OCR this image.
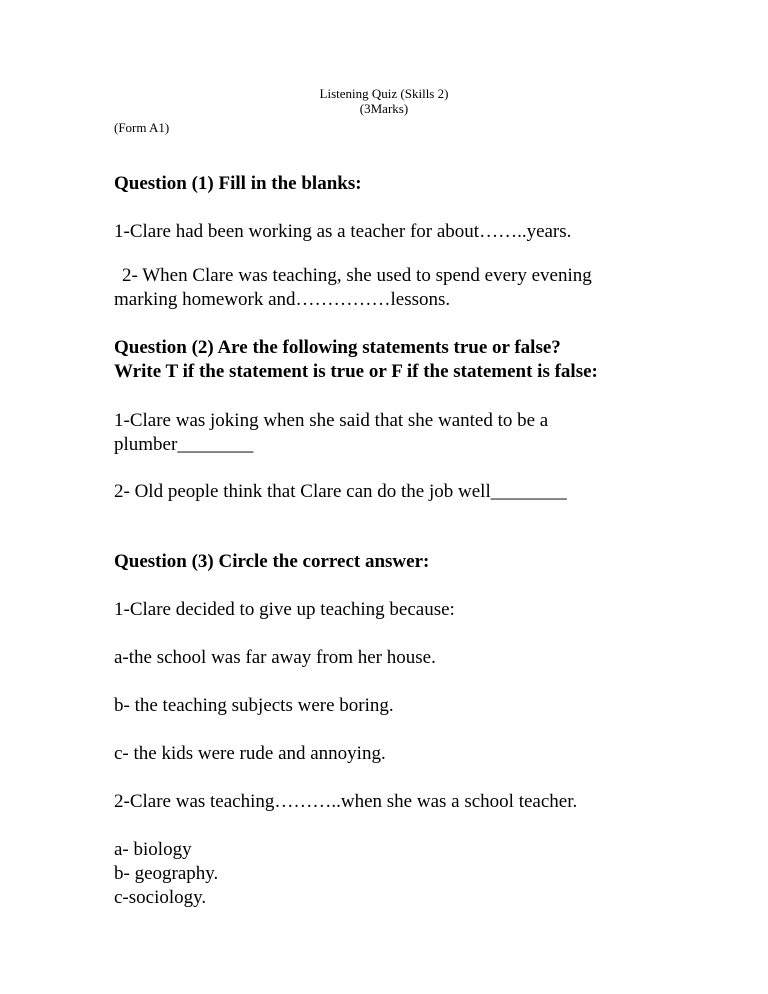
Listening Quiz (Skills 2)
(3Marks)
(Form A1)
Question (1) Fill in the blanks:
1-Clare had been working as a teacher for about……..years.
2- When Clare was teaching, she used to spend every evening
marking homework and……………lessons.
Question (2) Are the following statements true or false?
Write T if the statement is true or F if the statement is false:
1-Clare was joking when she said that she wanted to be a
plumber________
2- Old people think that Clare can do the job well________
Question (3) Circle the correct answer:
1-Clare decided to give up teaching because:
a-the school was far away from her house.
b- the teaching subjects were boring.
c- the kids were rude and annoying.
2-Clare was teaching………..when she was a school teacher.
a- biology
b- geography.
c-sociology.
